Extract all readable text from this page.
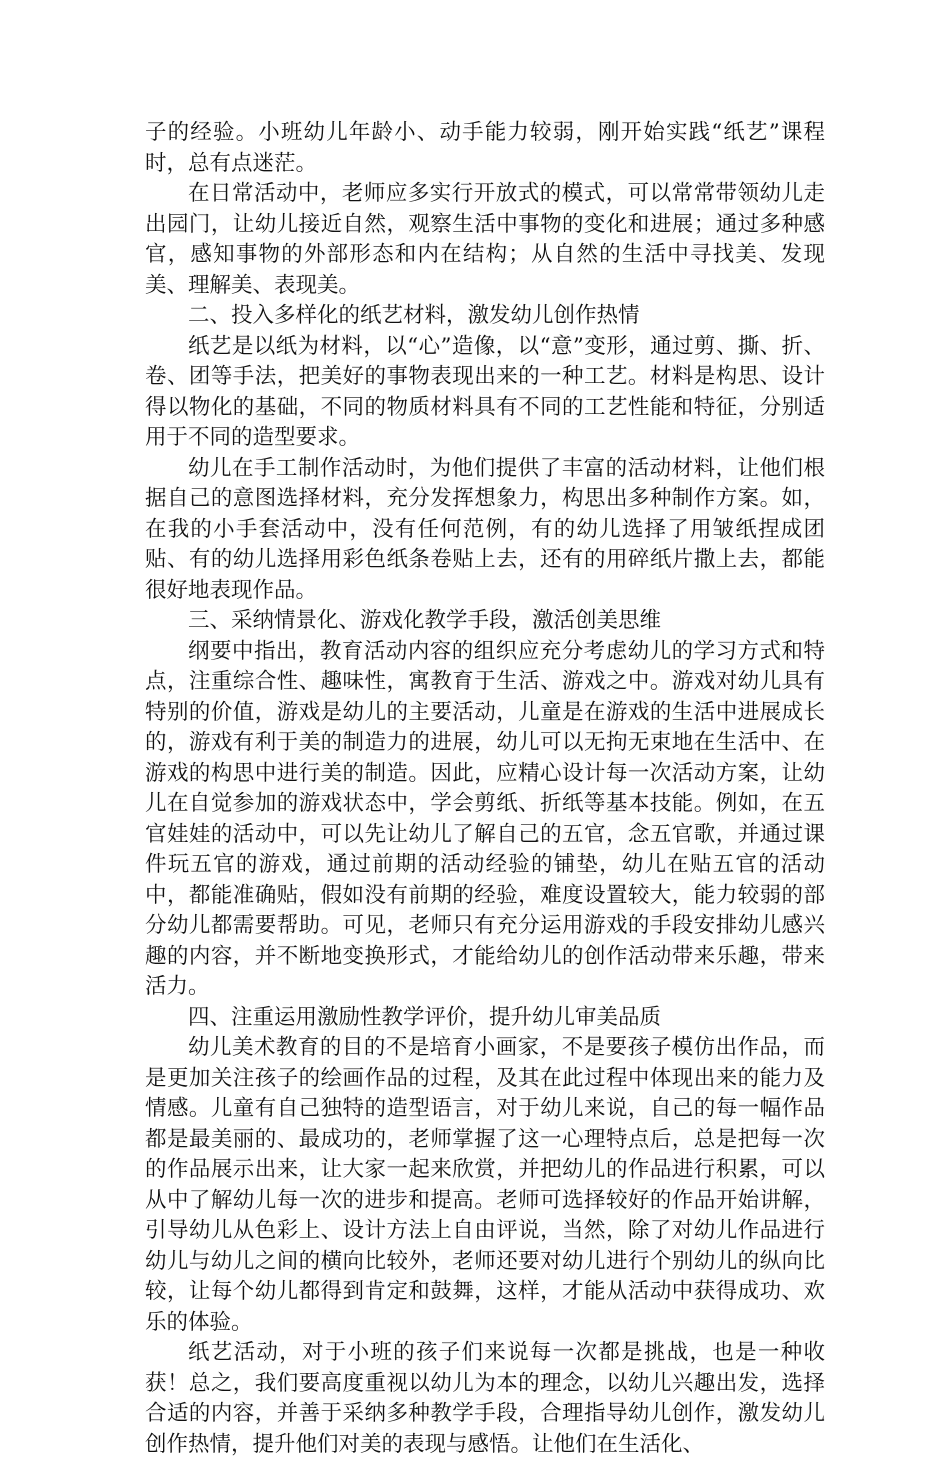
子的经验。小班幼儿年龄小、动手能力较弱，刚开始实践“纸艺”课程时，总有点迷茫。

在日常活动中，老师应多实行开放式的模式，可以常常带领幼儿走出园门，让幼儿接近自然，观察生活中事物的变化和进展；通过多种感官，感知事物的外部形态和内在结构；从自然的生活中寻找美、发现美、理解美、表现美。

二、投入多样化的纸艺材料，激发幼儿创作热情

纸艺是以纸为材料，以“心”造像，以“意”变形，通过剪、撕、折、卷、团等手法，把美好的事物表现出来的一种工艺。材料是构思、设计得以物化的基础，不同的物质材料具有不同的工艺性能和特征，分别适用于不同的造型要求。

幼儿在手工制作活动时，为他们提供了丰富的活动材料，让他们根据自己的意图选择材料，充分发挥想象力，构思出多种制作方案。如，在我的小手套活动中，没有任何范例，有的幼儿选择了用皱纸捏成团贴、有的幼儿选择用彩色纸条卷贴上去，还有的用碎纸片撒上去，都能很好地表现作品。

三、采纳情景化、游戏化教学手段，激活创美思维

纲要中指出，教育活动内容的组织应充分考虑幼儿的学习方式和特点，注重综合性、趣味性，寓教育于生活、游戏之中。游戏对幼儿具有特别的价值，游戏是幼儿的主要活动，儿童是在游戏的生活中进展成长的，游戏有利于美的制造力的进展，幼儿可以无拘无束地在生活中、在游戏的构思中进行美的制造。因此，应精心设计每一次活动方案，让幼儿在自觉参加的游戏状态中，学会剪纸、折纸等基本技能。例如，在五官娃娃的活动中，可以先让幼儿了解自己的五官，念五官歌，并通过课件玩五官的游戏，通过前期的活动经验的铺垫，幼儿在贴五官的活动中，都能准确贴，假如没有前期的经验，难度设置较大，能力较弱的部分幼儿都需要帮助。可见，老师只有充分运用游戏的手段安排幼儿感兴趣的内容，并不断地变换形式，才能给幼儿的创作活动带来乐趣，带来活力。

四、注重运用激励性教学评价，提升幼儿审美品质

幼儿美术教育的目的不是培育小画家，不是要孩子模仿出作品，而是更加关注孩子的绘画作品的过程，及其在此过程中体现出来的能力及情感。儿童有自己独特的造型语言，对于幼儿来说，自己的每一幅作品都是最美丽的、最成功的，老师掌握了这一心理特点后，总是把每一次的作品展示出来，让大家一起来欣赏，并把幼儿的作品进行积累，可以从中了解幼儿每一次的进步和提高。老师可选择较好的作品开始讲解，引导幼儿从色彩上、设计方法上自由评说，当然，除了对幼儿作品进行幼儿与幼儿之间的横向比较外，老师还要对幼儿进行个别幼儿的纵向比较，让每个幼儿都得到肯定和鼓舞，这样，才能从活动中获得成功、欢乐的体验。

纸艺活动，对于小班的孩子们来说每一次都是挑战，也是一种收获！总之，我们要高度重视以幼儿为本的理念，以幼儿兴趣出发，选择合适的内容，并善于采纳多种教学手段，合理指导幼儿创作，激发幼儿创作热情，提升他们对美的表现与感悟。让他们在生活化、
